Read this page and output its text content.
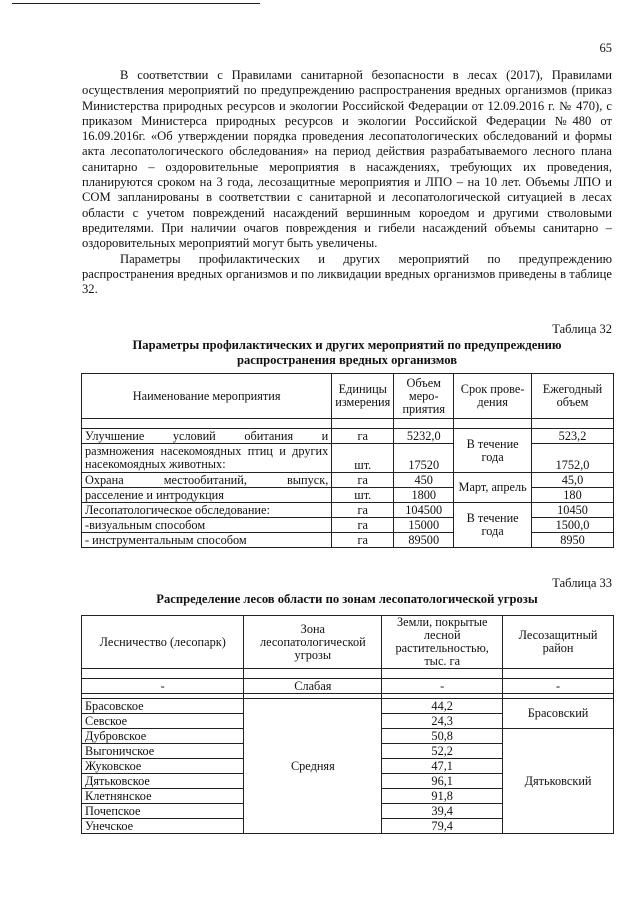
65

В соответствии с Правилами санитарной безопасности в лесах (2017), Правилами осуществления мероприятий по предупреждению распространения вредных организмов (приказ Министерства природных ресурсов и экологии Российской Федерации от 12.09.2016 г. № 470), с приказом Министерса природных ресурсов и экологии Российской Федерации №480 от 16.09.2016г. «Об утверждении порядка проведения лесопатологических обследований и формы акта лесопатологического обследования» на период действия разрабатываемого лесного плана санитарно – оздоровительные мероприятия в насаждениях, требующих их проведения, планируются сроком на 3 года, лесозащитные мероприятия и ЛПО – на 10 лет. Объемы ЛПО и СОМ запланированы в соответствии с санитарной и лесопатологической ситуацией в лесах области с учетом повреждений насаждений вершинным короедом и другими стволовыми вредителями. При наличии очагов повреждения и гибели насаждений объемы санитарно – оздоровительных мероприятий могут быть увеличены.

Параметры профилактических и других мероприятий по предупреждению распространения вредных организмов и по ликвидации вредных организмов приведены в таблице 32.

Таблица 32
Параметры профилактических и других мероприятий по предупреждению распространения вредных организмов
Наименование мероприятия	Единицы измерения	Объем меро-приятия	Срок прове-дения	Ежегодный объем

Улучшение условий обитания и	га	5232,0	В течение года	523,2
размножения насекомоядных птиц и других насекомоядных животных:	шт.	17520		1752,0
Охрана местообитаний, выпуск,	га	450	Март, апрель	45,0
расселение и интродукция	шт.	1800		180
Лесопатологическое обследование:	га	104500	В течение года	10450
-визуальным способом	га	15000		1500,0
- инструментальным способом	га	89500		8950
Таблица 33
Распределение лесов области по зонам лесопатологической угрозы
Лесничество (лесопарк)	Зона лесопатологической угрозы	Земли, покрытые лесной растительностью, тыс. га	Лесозащитный район

-	Слабая	-	-

Брасовское	Средняя	44,2	Брасовский
Севское		24,3	
Дубровское		50,8	Дятьковский
Выгоничское		52,2	
Жуковское		47,1	
Дятьковское		96,1	
Клетнянское		91,8	
Почепское		39,4	
Унечское		79,4	
